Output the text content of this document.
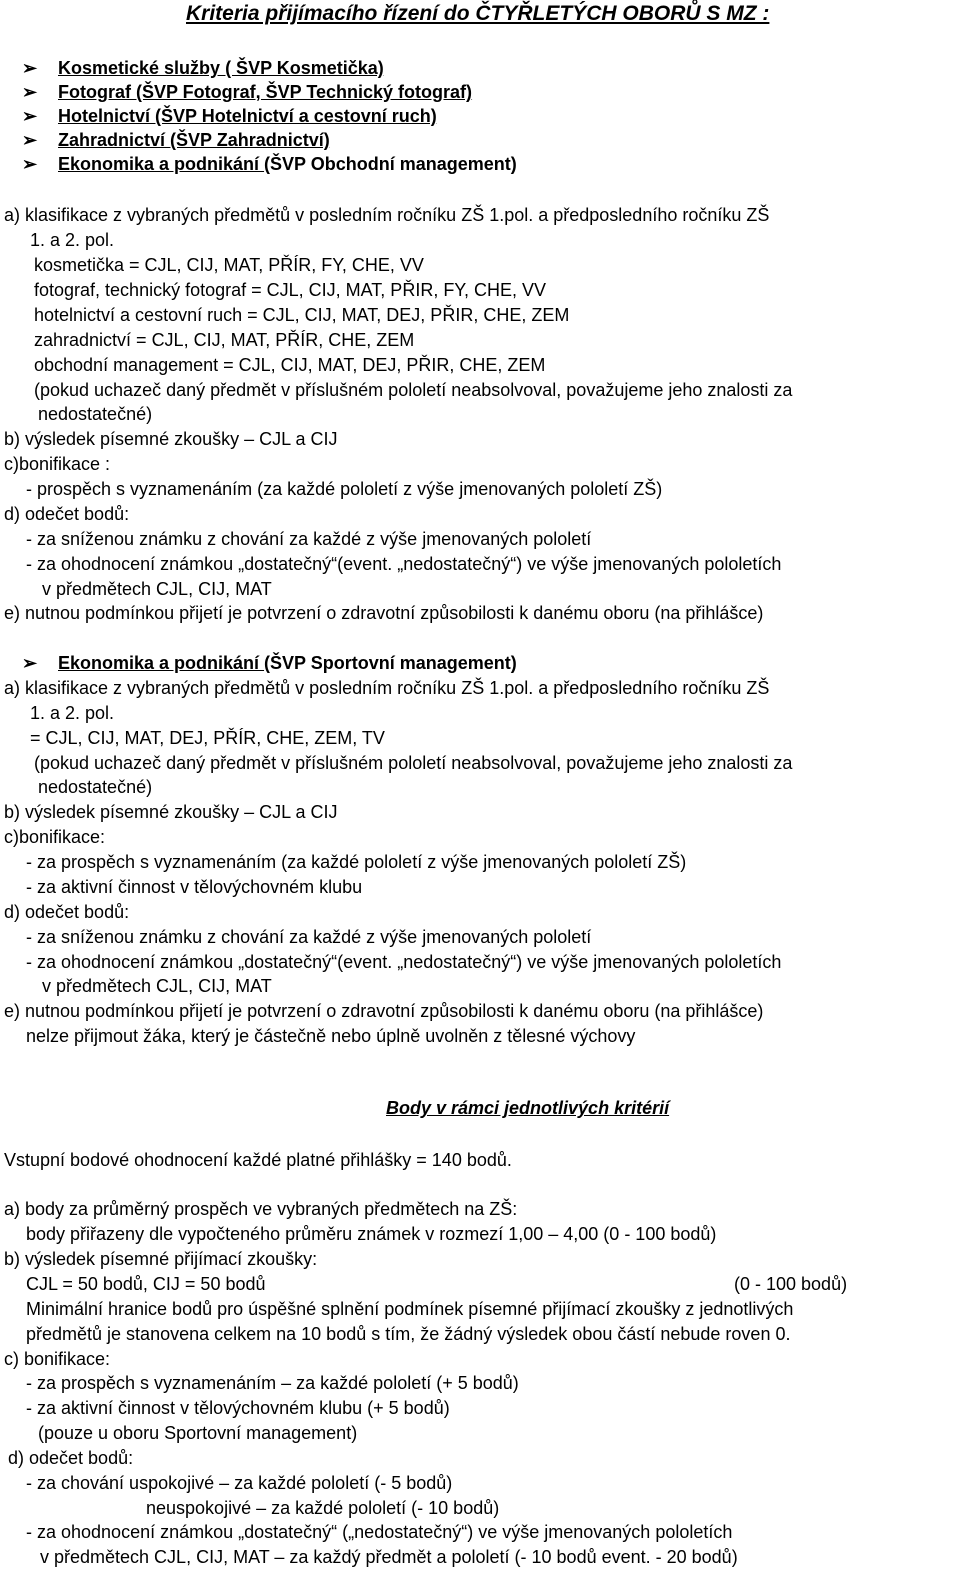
Kriteria přijímacího řízení do ČTYŘLETÝCH OBORŮ S MZ :
➢ Kosmetické služby ( ŠVP Kosmetička)
➢ Fotograf (ŠVP Fotograf, ŠVP Technický fotograf)
➢ Hotelnictví (ŠVP Hotelnictví a cestovní ruch)
➢ Zahradnictví (ŠVP Zahradnictví)
➢ Ekonomika a podnikání (ŠVP Obchodní management)
a) klasifikace z vybraných předmětů v posledním ročníku ZŠ 1.pol. a předposledního ročníku ZŠ
1. a 2. pol.
kosmetička = CJL, CIJ, MAT, PŘÍR, FY, CHE, VV
fotograf, technický fotograf = CJL, CIJ, MAT, PŘIR, FY, CHE, VV
hotelnictví a cestovní ruch = CJL, CIJ, MAT, DEJ, PŘIR, CHE, ZEM
zahradnictví = CJL, CIJ, MAT, PŘÍR, CHE, ZEM
obchodní management = CJL, CIJ, MAT, DEJ, PŘIR, CHE, ZEM
(pokud uchazeč daný předmět v příslušném pololetí neabsolvoval, považujeme jeho znalosti za
nedostatečné)
b) výsledek písemné zkoušky – CJL a CIJ
c)bonifikace :
- prospěch s vyznamenáním (za každé pololetí z výše jmenovaných pololetí ZŠ)
d) odečet bodů:
- za sníženou známku z chování za každé z výše jmenovaných pololetí
- za ohodnocení známkou „dostatečný“(event. „nedostatečný“) ve výše jmenovaných pololetích
v předmětech CJL, CIJ, MAT
e) nutnou podmínkou přijetí je potvrzení o zdravotní způsobilosti k danému oboru (na přihlášce)
➢ Ekonomika a podnikání (ŠVP Sportovní management)
a) klasifikace z vybraných předmětů v posledním ročníku ZŠ 1.pol. a předposledního ročníku ZŠ
1. a 2. pol.
= CJL, CIJ, MAT, DEJ, PŘÍR, CHE, ZEM, TV
(pokud uchazeč daný předmět v příslušném pololetí neabsolvoval, považujeme jeho znalosti za
nedostatečné)
b) výsledek písemné zkoušky – CJL a CIJ
c)bonifikace:
- za prospěch s vyznamenáním (za každé pololetí z výše jmenovaných pololetí ZŠ)
- za aktivní činnost v tělovýchovném klubu
d) odečet bodů:
- za sníženou známku z chování za každé z výše jmenovaných pololetí
- za ohodnocení známkou „dostatečný“(event. „nedostatečný“) ve výše jmenovaných pololetích
v předmětech CJL, CIJ, MAT
e) nutnou podmínkou přijetí je potvrzení o zdravotní způsobilosti k danému oboru (na přihlášce)
nelze přijmout žáka, který je částečně nebo úplně uvolněn z tělesné výchovy
Body v rámci jednotlivých kritérií
Vstupní bodové ohodnocení každé platné přihlášky = 140 bodů.
a) body za průměrný prospěch ve vybraných předmětech na ZŠ:
body přiřazeny dle vypočteného průměru známek v rozmezí 1,00 – 4,00 (0 - 100 bodů)
b) výsledek písemné přijímací zkoušky:
CJL = 50 bodů, CIJ = 50 bodů	(0 - 100 bodů)
Minimální hranice bodů pro úspěšné splnění podmínek písemné přijímací zkoušky z jednotlivých
předmětů je stanovena celkem na 10 bodů s tím, že žádný výsledek obou částí nebude roven 0.
c) bonifikace:
- za prospěch s vyznamenáním – za každé pololetí (+ 5 bodů)
- za aktivní činnost v tělovýchovném klubu (+ 5 bodů)
(pouze u oboru Sportovní management)
d) odečet bodů:
- za chování uspokojivé – za každé pololetí (- 5 bodů)
neuspokojivé – za každé pololetí (- 10 bodů)
- za ohodnocení známkou „dostatečný“ („nedostatečný“) ve výše jmenovaných pololetích
v předmětech CJL, CIJ, MAT – za každý předmět a pololetí (- 10 bodů event. - 20 bodů)
